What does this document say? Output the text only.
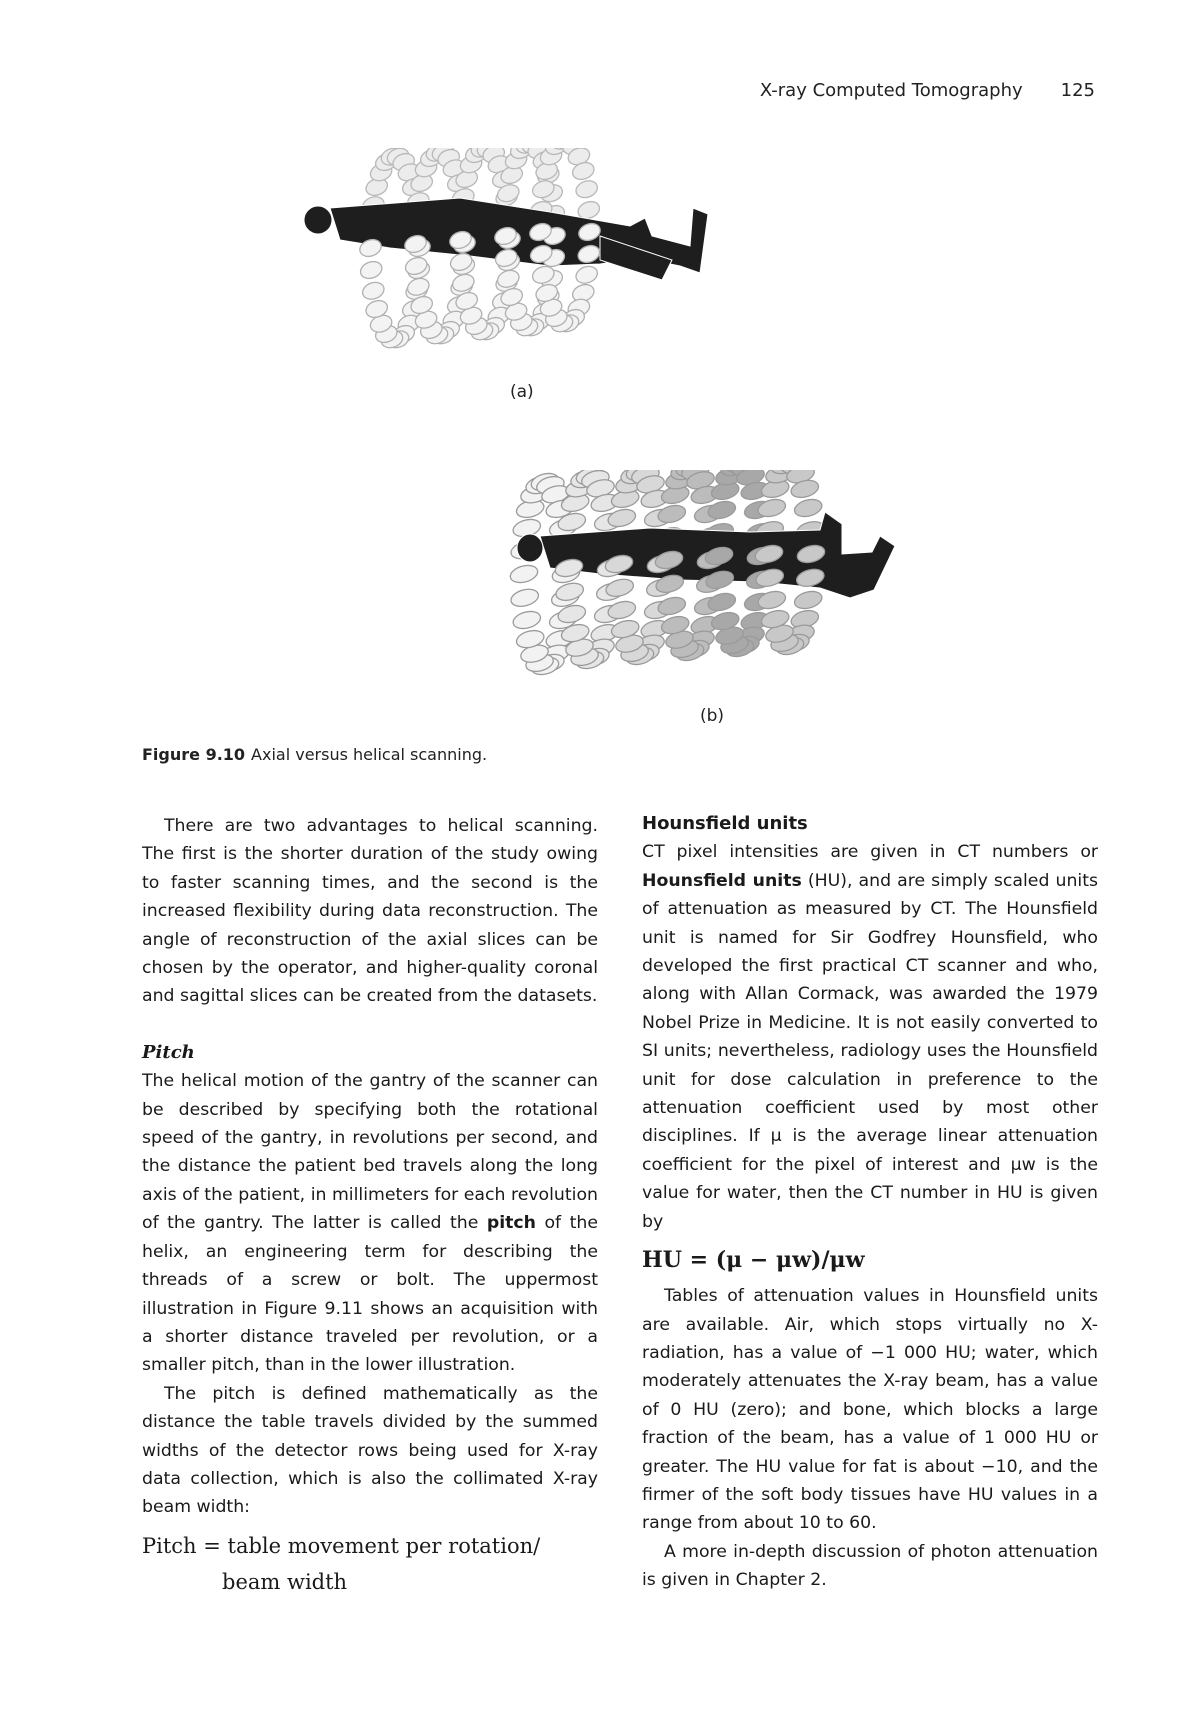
X-ray Computed Tomography 125
(a)
(b)
Figure 9.10 Axial versus helical scanning.

There are two advantages to helical scanning. The first is the shorter duration of the study owing to faster scanning times, and the second is the increased flexibility during data reconstruction. The angle of reconstruction of the axial slices can be chosen by the operator, and higher-quality coronal and sagittal slices can be created from the datasets.

Pitch

The helical motion of the gantry of the scanner can be described by specifying both the rotational speed of the gantry, in revolutions per second, and the distance the patient bed travels along the long axis of the patient, in millimeters for each revolution of the gantry. The latter is called the pitch of the helix, an engineering term for describing the threads of a screw or bolt. The uppermost illustration in Figure 9.11 shows an acquisition with a shorter distance traveled per revolution, or a smaller pitch, than in the lower illustration.

The pitch is defined mathematically as the distance the table travels divided by the summed widths of the detector rows being used for X-ray data collection, which is also the collimated X-ray beam width:

Pitch = table movement per rotation/
beam width
Hounsfield units

CT pixel intensities are given in CT numbers or Hounsfield units (HU), and are simply scaled units of attenuation as measured by CT. The Hounsfield unit is named for Sir Godfrey Hounsfield, who developed the first practical CT scanner and who, along with Allan Cormack, was awarded the 1979 Nobel Prize in Medicine. It is not easily converted to SI units; nevertheless, radiology uses the Hounsfield unit for dose calculation in preference to the attenuation coefficient used by most other disciplines. If μ is the average linear attenuation coefficient for the pixel of interest and μw is the value for water, then the CT number in HU is given by

HU = (μ − μw)/μw

Tables of attenuation values in Hounsfield units are available. Air, which stops virtually no X-radiation, has a value of −1 000 HU; water, which moderately attenuates the X-ray beam, has a value of 0 HU (zero); and bone, which blocks a large fraction of the beam, has a value of 1 000 HU or greater. The HU value for fat is about −10, and the firmer of the soft body tissues have HU values in a range from about 10 to 60.

A more in-depth discussion of photon attenuation is given in Chapter 2.
